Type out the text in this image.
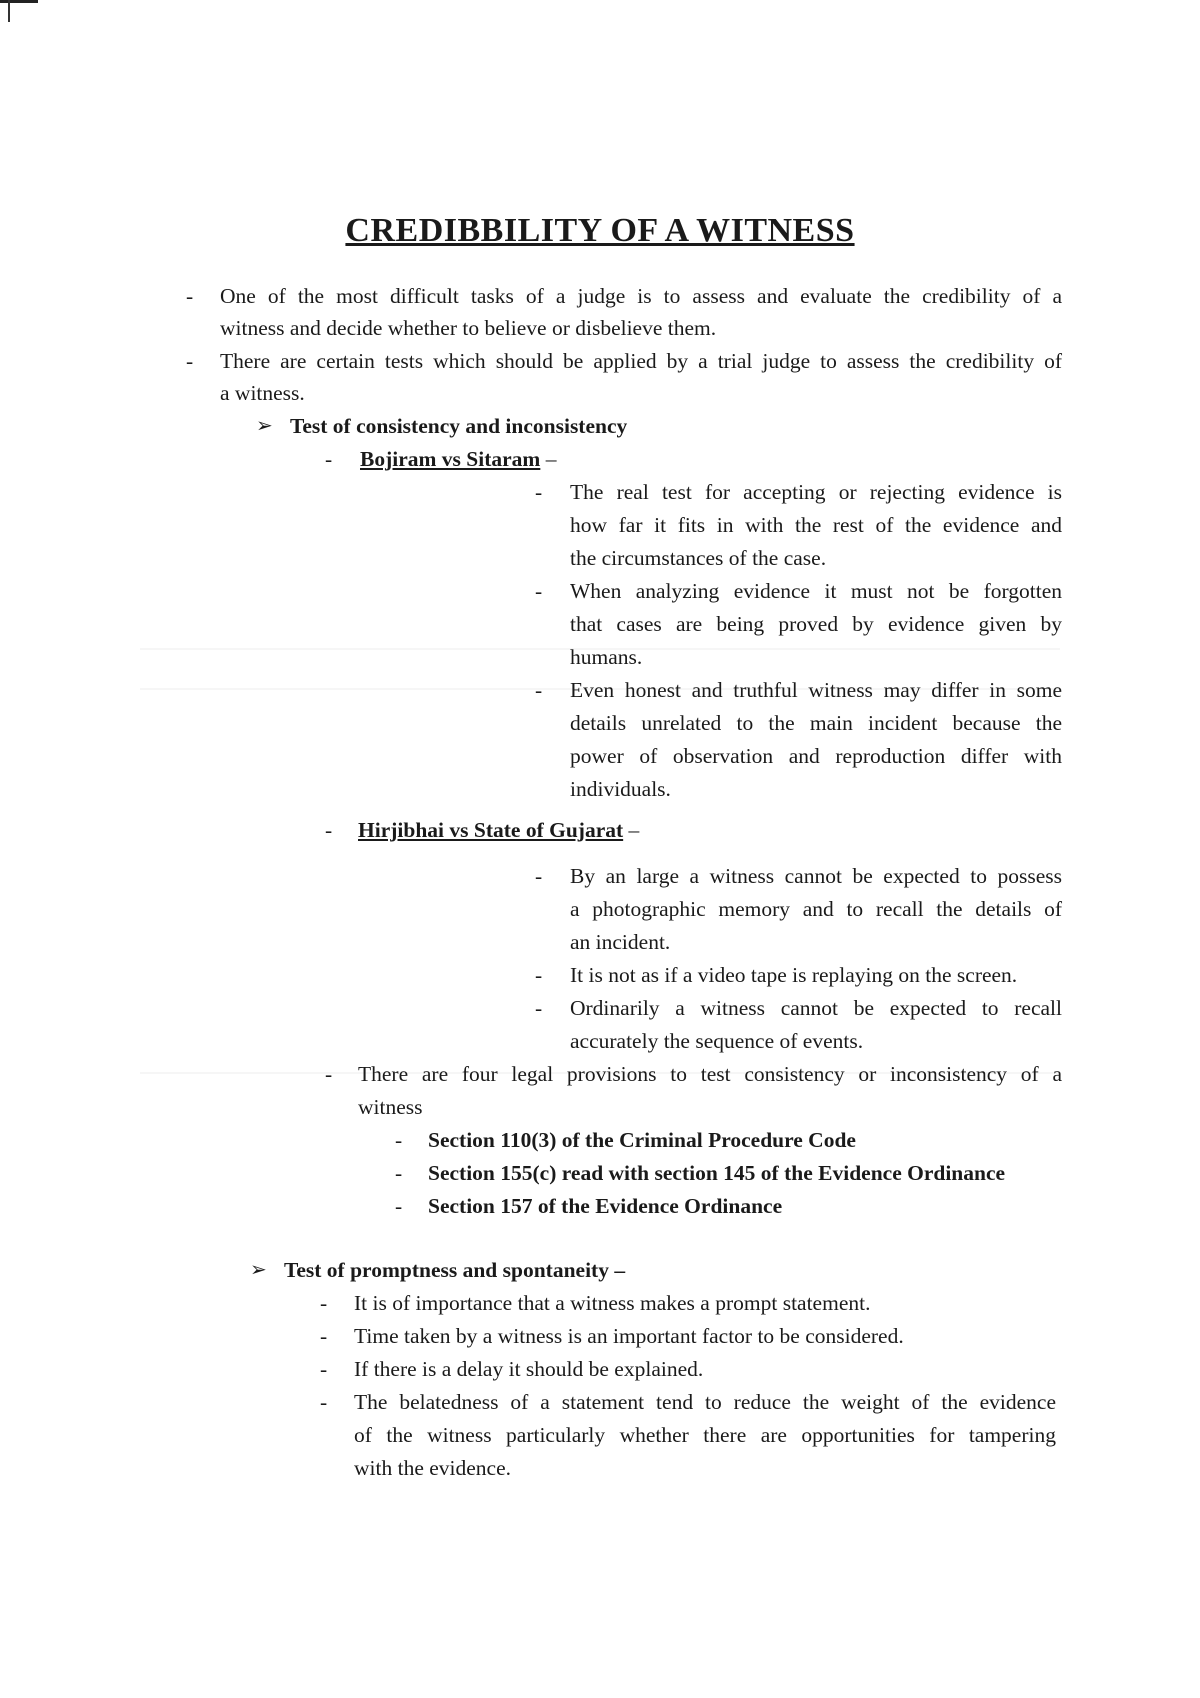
CREDIBBILITY OF A WITNESS
- One of the most difficult tasks of a judge is to assess and evaluate the credibility of a
witness and decide whether to believe or disbelieve them.
- There are certain tests which should be applied by a trial judge to assess the credibility of
a witness.
➢ Test of consistency and inconsistency
- Bojiram vs Sitaram –
- The real test for accepting or rejecting evidence is
how far it fits in with the rest of the evidence and
the circumstances of the case.
- When analyzing evidence it must not be forgotten
that cases are being proved by evidence given by
humans.
- Even honest and truthful witness may differ in some
details unrelated to the main incident because the
power of observation and reproduction differ with
individuals.
- Hirjibhai vs State of Gujarat –
- By an large a witness cannot be expected to possess
a photographic memory and to recall the details of
an incident.
- It is not as if a video tape is replaying on the screen.
- Ordinarily a witness cannot be expected to recall
accurately the sequence of events.
- There are four legal provisions to test consistency or inconsistency of a
witness
- Section 110(3) of the Criminal Procedure Code
- Section 155(c) read with section 145 of the Evidence Ordinance
- Section 157 of the Evidence Ordinance
➢ Test of promptness and spontaneity –
- It is of importance that a witness makes a prompt statement.
- Time taken by a witness is an important factor to be considered.
- If there is a delay it should be explained.
- The belatedness of a statement tend to reduce the weight of the evidence
of the witness particularly whether there are opportunities for tampering
with the evidence.
